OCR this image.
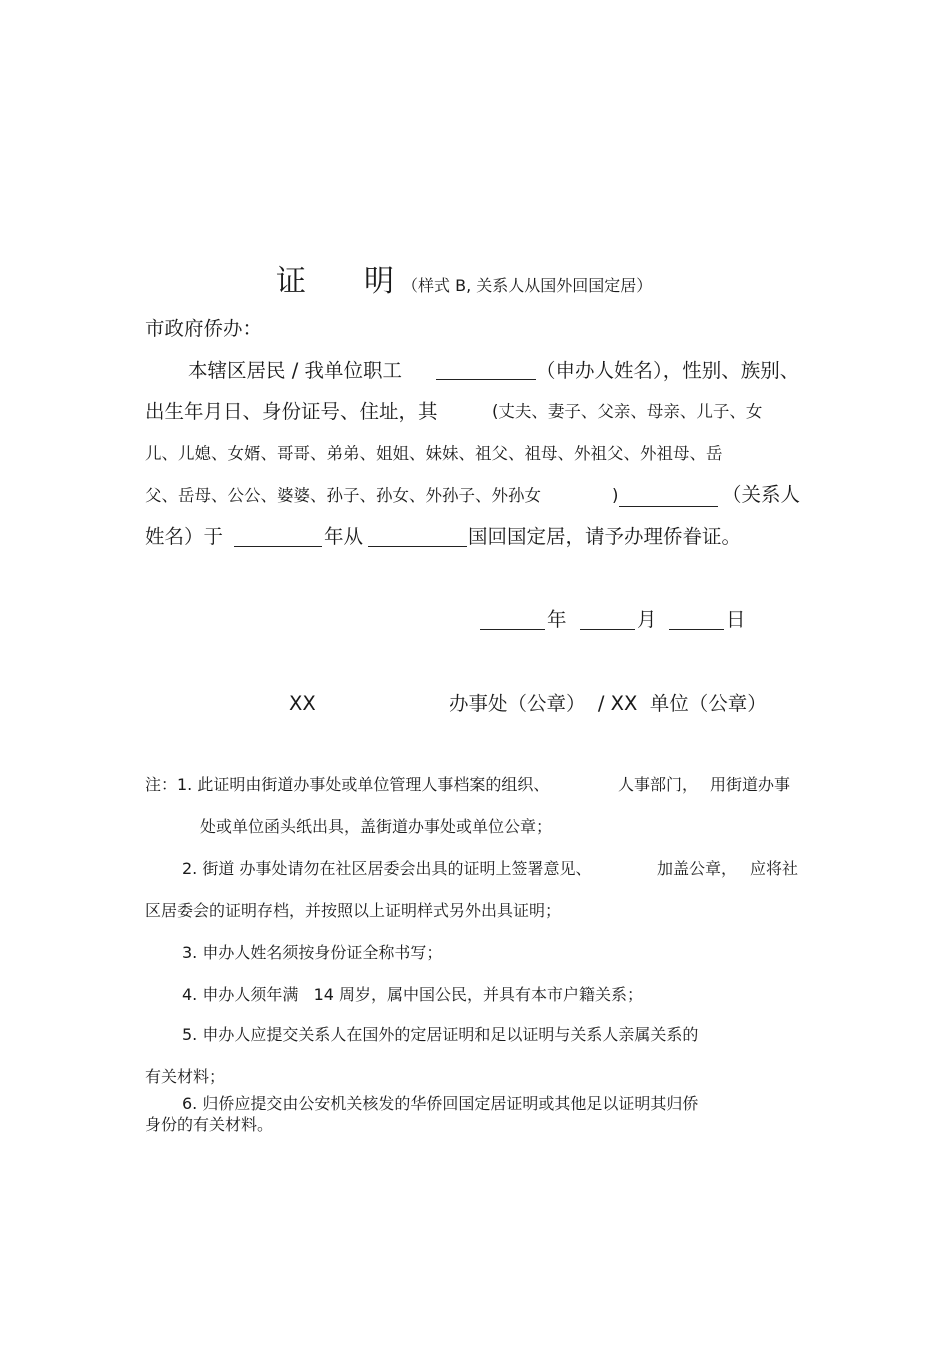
证 明 （样式 B, 关系人从国外回国定居）
市政府侨办：
本辖区居民 / 我单位职工	（申办人姓名），性别、族别、
出生年月日、身份证号、住址，其	(丈夫、妻子、父亲、母亲、儿子、女
儿、儿媳、女婿、哥哥、弟弟、姐姐、妹妹、祖父、祖母、外祖父、外祖母、岳
父、岳母、公公、婆婆、孙子、孙女、外孙子、外孙女	)	（关系人
姓名）于	年从	国回国定居，请予办理侨眷证。
年	月	日
XX	办事处（公章）  / XX  单位（公章）
注：1. 此证明由街道办事处或单位管理人事档案的组织、	人事部门， 用街道办事
处或单位函头纸出具，盖街道办事处或单位公章；
2. 街道 办事处请勿在社区居委会出具的证明上签署意见、	加盖公章， 应将社
区居委会的证明存档，并按照以上证明样式另外出具证明；
3. 申办人姓名须按身份证全称书写；
4. 申办人须年满   14 周岁，属中国公民，并具有本市户籍关系；
5. 申办人应提交关系人在国外的定居证明和足以证明与关系人亲属关系的
有关材料；
6. 归侨应提交由公安机关核发的华侨回国定居证明或其他足以证明其归侨
身份的有关材料。
